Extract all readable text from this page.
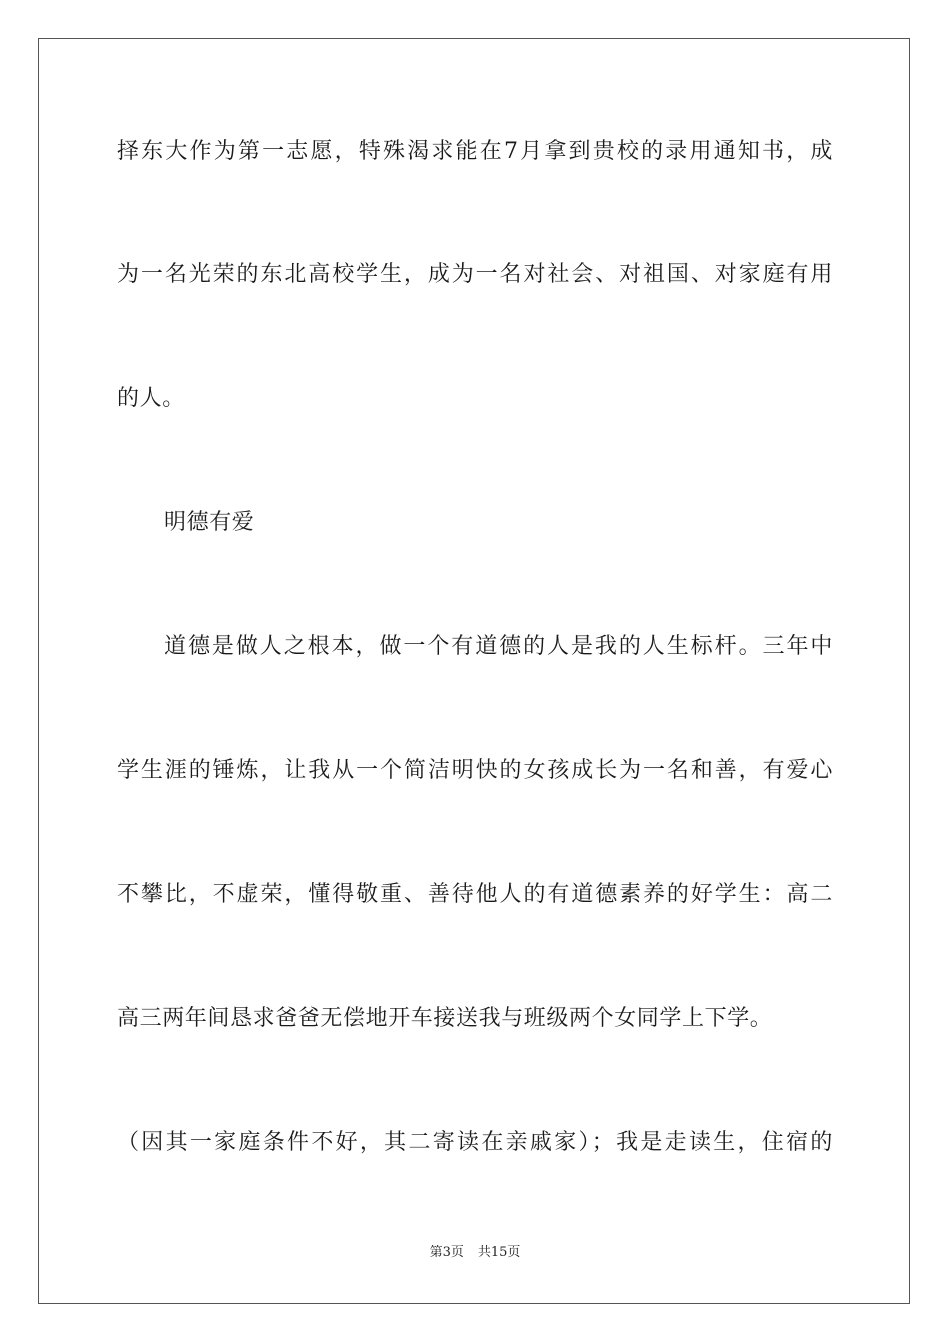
择东大作为第一志愿，特殊渴求能在7月拿到贵校的录用通知书，成
为一名光荣的东北高校学生，成为一名对社会、对祖国、对家庭有用
的人。
明德有爱
道德是做人之根本，做一个有道德的人是我的人生标杆。三年中
学生涯的锤炼，让我从一个简洁明快的女孩成长为一名和善，有爱心
不攀比，不虚荣，懂得敬重、善待他人的有道德素养的好学生：高二
高三两年间恳求爸爸无偿地开车接送我与班级两个女同学上下学。
（因其一家庭条件不好，其二寄读在亲戚家）；我是走读生，住宿的
第3页 共15页
